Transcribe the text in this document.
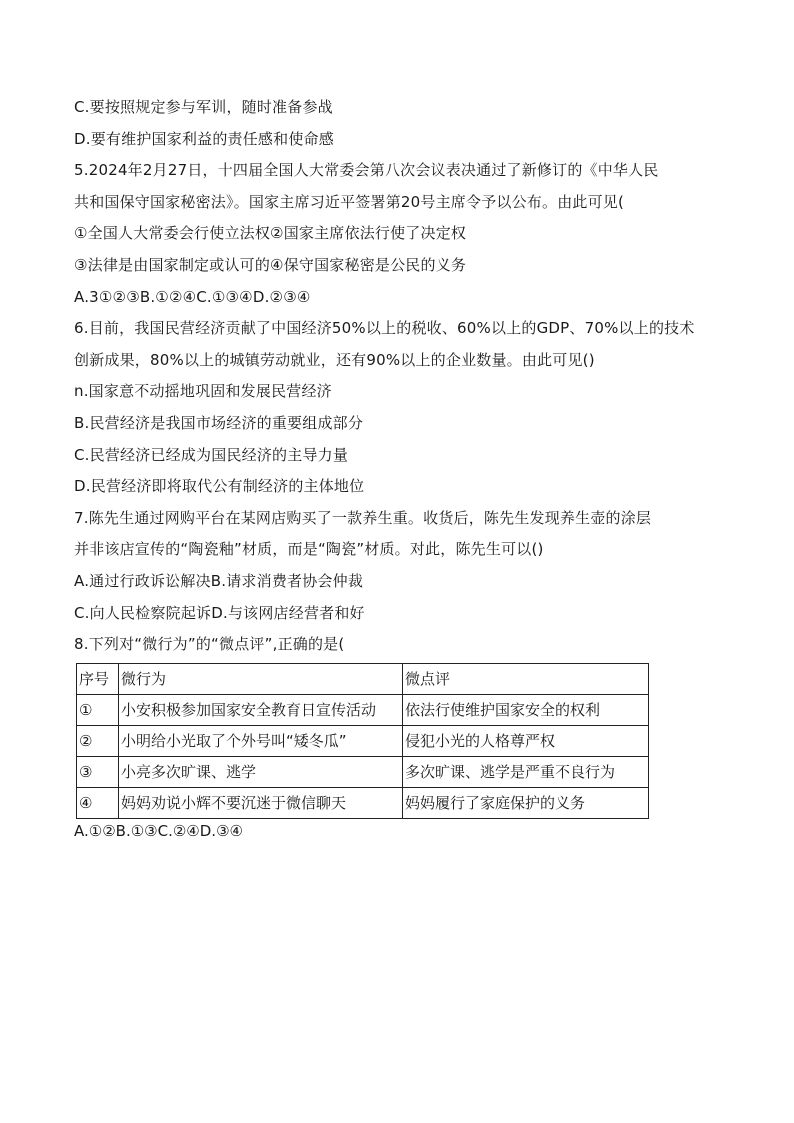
C.要按照规定参与军训，随时准备参战
D.要有维护国家利益的责任感和使命感
5.2024年2月27日，十四届全国人大常委会第八次会议表决通过了新修订的《中华人民
共和国保守国家秘密法》。国家主席习近平签署第20号主席令予以公布。由此可见(
①全国人大常委会行使立法权②国家主席依法行使了决定权
③法律是由国家制定或认可的④保守国家秘密是公民的义务
A.3①②③B.①②④C.①③④D.②③④
6.目前，我国民营经济贡献了中国经济50%以上的税收、60%以上的GDP、70%以上的技术
创新成果，80%以上的城镇劳动就业，还有90%以上的企业数量。由此可见()
n.国家意不动摇地巩固和发展民营经济
B.民营经济是我国市场经济的重要组成部分
C.民营经济已经成为国民经济的主导力量
D.民营经济即将取代公有制经济的主体地位
7.陈先生通过网购平台在某网店购买了一款养生重。收货后，陈先生发现养生壶的涂层
并非该店宣传的“陶瓷釉”材质，而是“陶瓷”材质。对此，陈先生可以()
A.通过行政诉讼解决B.请求消费者协会仲裁
C.向人民检察院起诉D.与该网店经营者和好
8.下列对“微行为”的“微点评”,正确的是(
序号	微行为	微点评
①	小安积极参加国家安全教育日宣传活动	依法行使维护国家安全的权利
②	小明给小光取了个外号叫“矮冬瓜”	侵犯小光的人格尊严权
③	小亮多次旷课、逃学	多次旷课、逃学是严重不良行为
④	妈妈劝说小辉不要沉迷于微信聊天	妈妈履行了家庭保护的义务
A.①②B.①③C.②④D.③④
